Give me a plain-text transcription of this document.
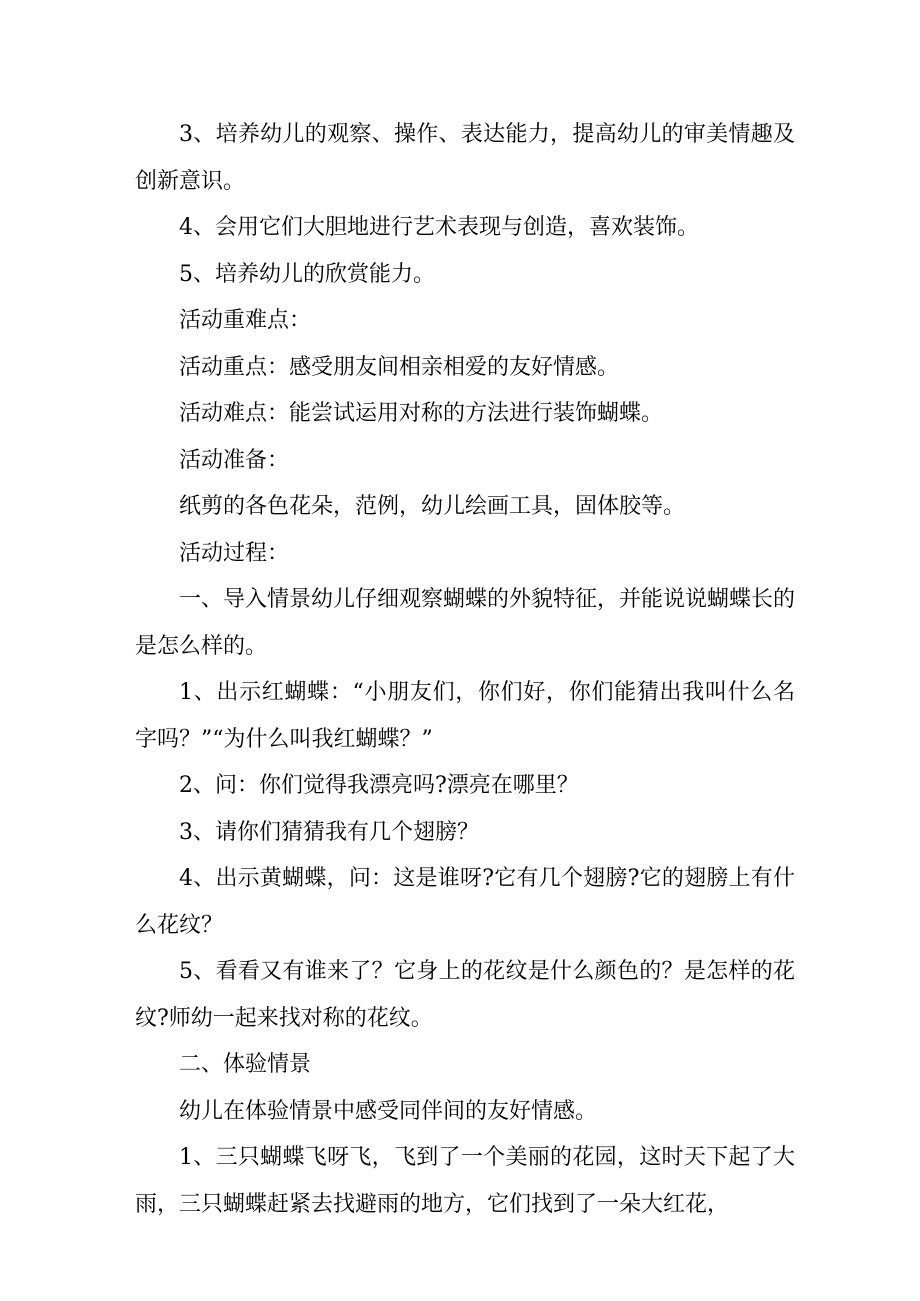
3、培养幼儿的观察、操作、表达能力，提高幼儿的审美情趣及创新意识。

4、会用它们大胆地进行艺术表现与创造，喜欢装饰。

5、培养幼儿的欣赏能力。

活动重难点：

活动重点：感受朋友间相亲相爱的友好情感。

活动难点：能尝试运用对称的方法进行装饰蝴蝶。

活动准备：

纸剪的各色花朵，范例，幼儿绘画工具，固体胶等。

活动过程：

一、导入情景幼儿仔细观察蝴蝶的外貌特征，并能说说蝴蝶长的是怎么样的。

1、出示红蝴蝶：“小朋友们，你们好，你们能猜出我叫什么名字吗？”“为什么叫我红蝴蝶？”

2、问：你们觉得我漂亮吗?漂亮在哪里？

3、请你们猜猜我有几个翅膀？

4、出示黄蝴蝶，问：这是谁呀?它有几个翅膀?它的翅膀上有什么花纹？

5、看看又有谁来了？它身上的花纹是什么颜色的？是怎样的花纹?师幼一起来找对称的花纹。

二、体验情景

幼儿在体验情景中感受同伴间的友好情感。

1、三只蝴蝶飞呀飞，飞到了一个美丽的花园，这时天下起了大雨，三只蝴蝶赶紧去找避雨的地方，它们找到了一朵大红花，
